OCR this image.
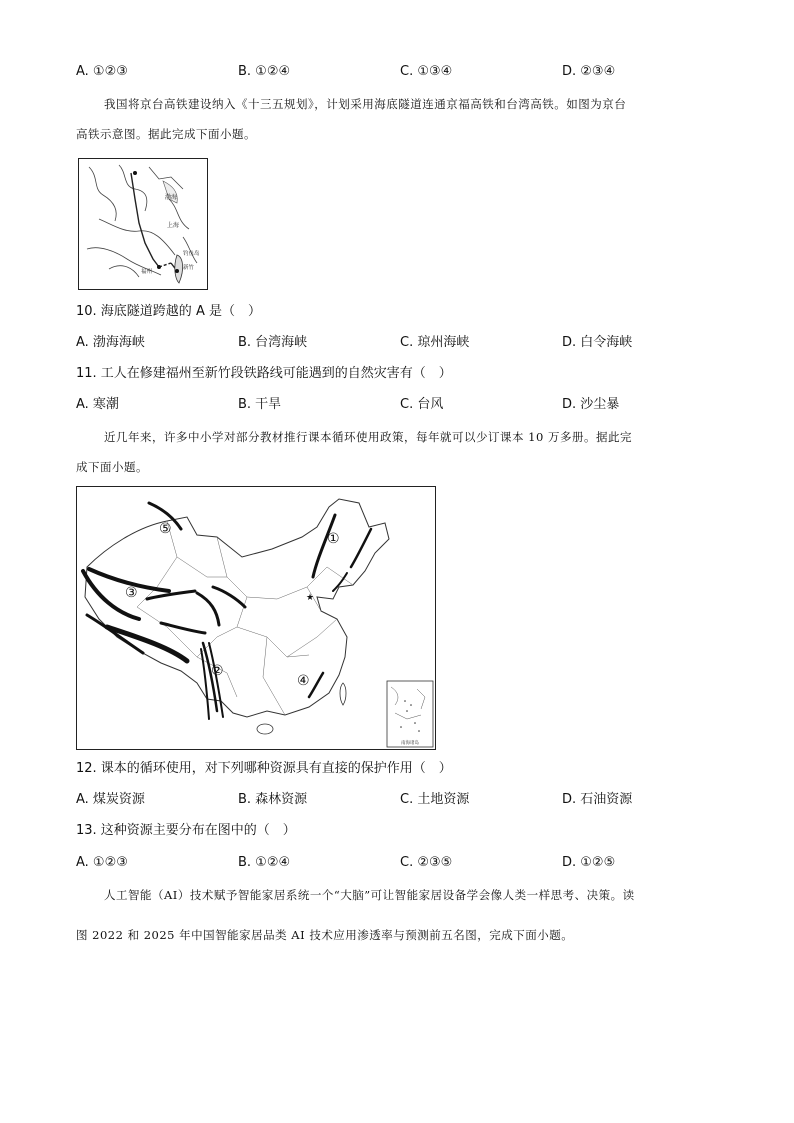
A. ①②③	B. ①②④	C. ①③④	D. ②③④
我国将京台高铁建设纳入《十三五规划》，计划采用海底隧道连通京福高铁和台湾高铁。如图为京台
高铁示意图。据此完成下面小题。
渤海
上海
钓鱼岛
新竹
福州
10. 海底隧道跨越的 A 是（　）
A. 渤海海峡	B. 台湾海峡	C. 琼州海峡	D. 白令海峡
11. 工人在修建福州至新竹段铁路线可能遇到的自然灾害有（　）
A. 寒潮	B. 干旱	C. 台风	D. 沙尘暴
近几年来，许多中小学对部分教材推行课本循环使用政策，每年就可以少订课本 10 万多册。据此完
成下面小题。
①
②
③
④
⑤
★
南海诸岛
12. 课本的循环使用，对下列哪种资源具有直接的保护作用（　）
A. 煤炭资源	B. 森林资源	C. 土地资源	D. 石油资源
13. 这种资源主要分布在图中的（　）
A. ①②③	B. ①②④	C. ②③⑤	D. ①②⑤
人工智能（AI）技术赋予智能家居系统一个“大脑”可让智能家居设备学会像人类一样思考、决策。读
图 2022 和 2025 年中国智能家居品类 AI 技术应用渗透率与预测前五名图，完成下面小题。
